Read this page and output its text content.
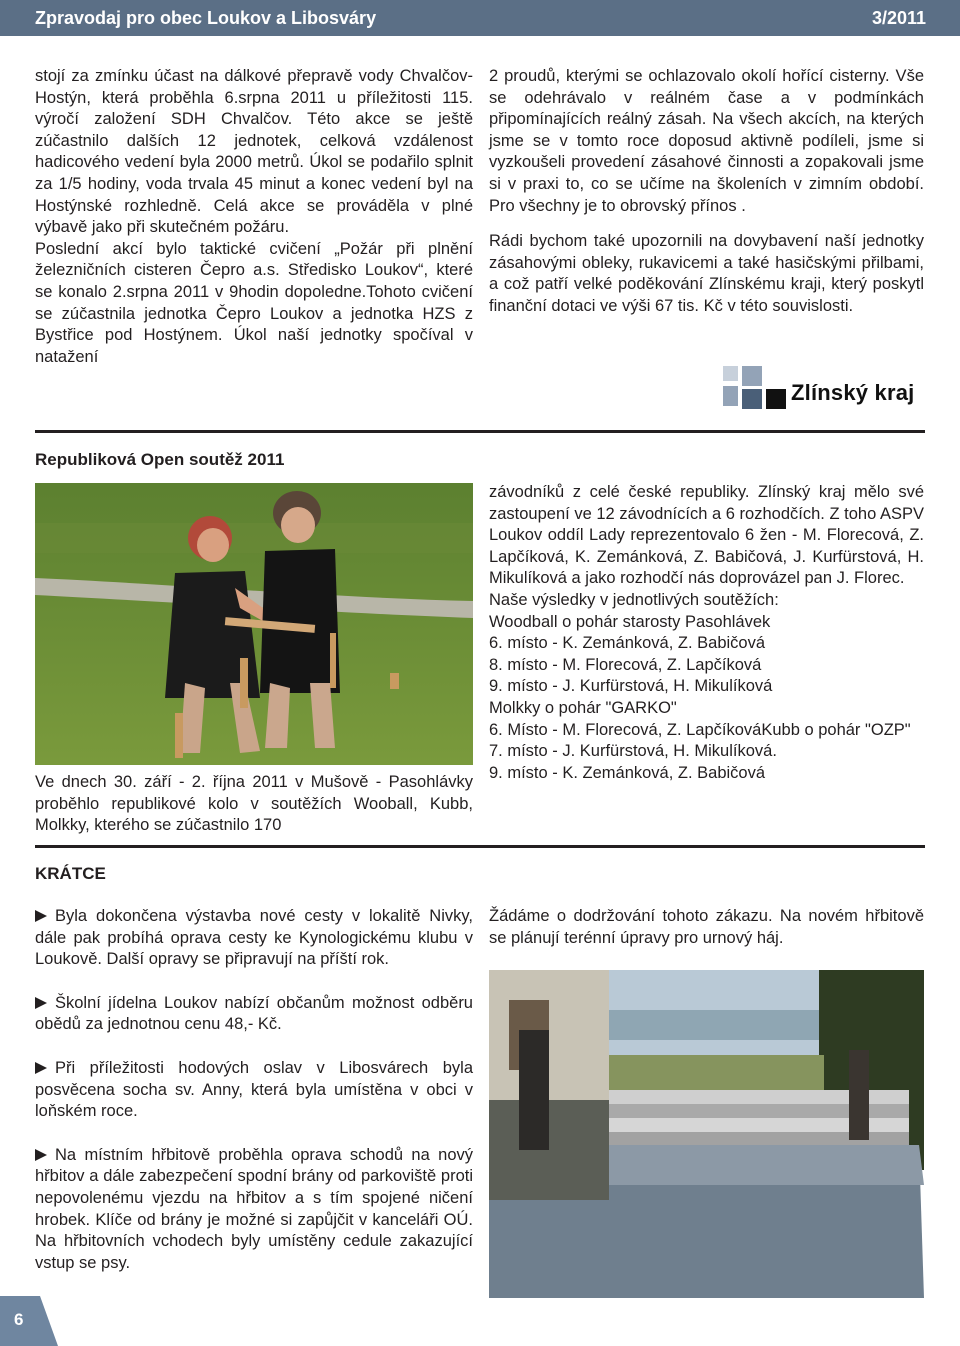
Zpravodaj pro obec Loukov a Libosváry	3/2011

stojí za zmínku účast na dálkové přepravě vody Chvalčov- Hostýn, která proběhla 6.srpna 2011 u příležitosti 115. výročí založení SDH Chvalčov. Této akce se ještě zúčastnilo dalších 12 jednotek, celková vzdálenost hadicového vedení byla 2000 metrů. Úkol se podařilo splnit za 1/5 hodiny, voda trvala 45 minut a konec vedení byl na Hostýnské rozhledně. Celá akce se prováděla v plné výbavě jako při skutečném požáru.

Poslední akcí bylo taktické cvičení „Požár při plnění železničních cisteren Čepro a.s. Středisko Loukov“, které se konalo 2.srpna 2011 v 9hodin dopoledne.Tohoto cvičení se zúčastnila jednotka Čepro Loukov a jednotka HZS z Bystřice pod Hostýnem. Úkol naší jednotky spočíval v natažení

2 proudů, kterými se ochlazovalo okolí hořící cisterny. Vše se odehrávalo v reálném čase a v podmínkách připomínajících reálný zásah. Na všech akcích, na kterých jsme se v tomto roce doposud aktivně podíleli, jsme si vyzkoušeli provedení zásahové činnosti a zopakovali jsme si v praxi to, co se učíme na školeních v zimním období. Pro všechny je to obrovský přínos .

Rádi bychom také upozornili na dovybavení naší jednotky zásahovými obleky, rukavicemi a také hasičskými přilbami, a což patří velké poděkování Zlínskému kraji, který poskytl finanční dotaci ve výši 67 tis. Kč v této souvislosti.

Zlínský kraj
Republiková Open soutěž 2011
Ve dnech 30. září - 2. října 2011 v Mušově - Pasohlávky proběhlo republikové kolo v soutěžích Wooball, Kubb, Molkky, kterého se zúčastnilo 170

závodníků z celé české republiky. Zlínský kraj mělo své zastoupení ve 12 závodnících a 6 rozhodčích. Z toho ASPV Loukov oddíl Lady reprezentovalo 6 žen - M. Florecová, Z. Lapčíková, K. Zemánková, Z. Babičová, J. Kurfürstová, H. Mikulíková a jako rozhodčí nás doprovázel pan J. Florec.

Naše výsledky v jednotlivých soutěžích:

Woodball o pohár starosty Pasohlávek

6. místo - K. Zemánková, Z. Babičová

8. místo - M. Florecová, Z. Lapčíková

9. místo - J. Kurfürstová, H. Mikulíková

Molkky o pohár "GARKO"

6. Místo - M. Florecová, Z. LapčíkováKubb o pohár "OZP"

7. místo - J. Kurfürstová, H. Mikulíková.

9. místo - K. Zemánková, Z. Babičová

KRÁTCE

Byla dokončena výstavba nové cesty v lokalitě Nivky, dále pak probíhá oprava cesty ke Kynologickému klubu v Loukově. Další opravy se připravují na příští rok.

Školní jídelna Loukov nabízí občanům možnost odběru obědů za jednotnou cenu 48,- Kč.

Při příležitosti hodových oslav v Libosvárech byla posvěcena socha sv. Anny, která byla umístěna v obci v loňském roce.

Na místním hřbitově proběhla oprava schodů na nový hřbitov a dále zabezpečení spodní brány od parkoviště proti nepovolenému vjezdu na hřbitov a s tím spojené ničení hrobek. Klíče od brány je možné si zapůjčit v kanceláři OÚ. Na hřbitovních vchodech byly umístěny cedule zakazující vstup se psy.

Žádáme o dodržování tohoto zákazu. Na novém hřbitově se plánují terénní úpravy pro urnový háj.
6
